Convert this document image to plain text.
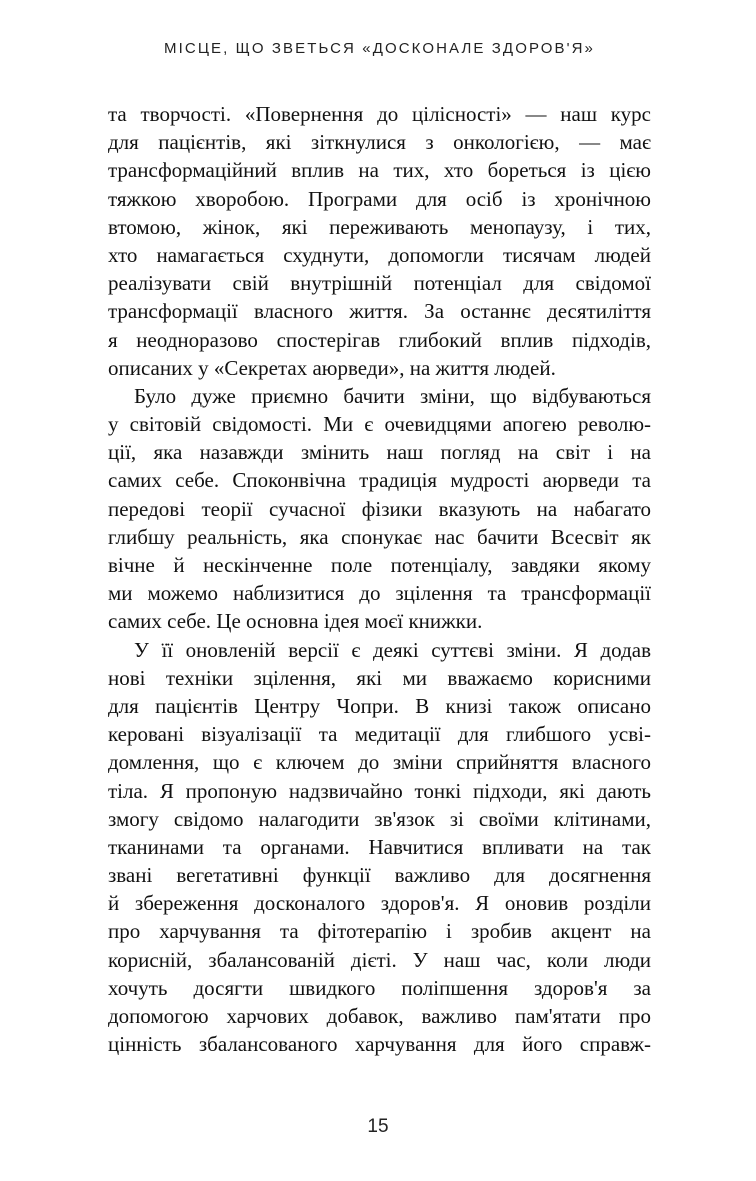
МІСЦЕ, ЩО ЗВЕТЬСЯ «ДОСКОНАЛЕ ЗДОРОВ'Я»
та творчості. «Повернення до цілісності» — наш курс
для пацієнтів, які зіткнулися з онкологією, — має
трансформаційний вплив на тих, хто бореться із цією
тяжкою хворобою. Програми для осіб із хронічною
втомою, жінок, які переживають менопаузу, і тих,
хто намагається схуднути, допомогли тисячам людей
реалізувати свій внутрішній потенціал для свідомої
трансформації власного життя. За останнє десятиліття
я неодноразово спостерігав глибокий вплив підходів,
описаних у «Секретах аюрведи», на життя людей.
Було дуже приємно бачити зміни, що відбуваються
у світовій свідомості. Ми є очевидцями апогею револю-
ції, яка назавжди змінить наш погляд на світ і на
самих себе. Споконвічна традиція мудрості аюрведи та
передові теорії сучасної фізики вказують на набагато
глибшу реальність, яка спонукає нас бачити Всесвіт як
вічне й нескінченне поле потенціалу, завдяки якому
ми можемо наблизитися до зцілення та трансформації
самих себе. Це основна ідея моєї книжки.
У її оновленій версії є деякі суттєві зміни. Я додав
нові техніки зцілення, які ми вважаємо корисними
для пацієнтів Центру Чопри. В книзі також описано
керовані візуалізації та медитації для глибшого усві-
домлення, що є ключем до зміни сприйняття власного
тіла. Я пропоную надзвичайно тонкі підходи, які дають
змогу свідомо налагодити зв'язок зі своїми клітинами,
тканинами та органами. Навчитися впливати на так
звані вегетативні функції важливо для досягнення
й збереження досконалого здоров'я. Я оновив розділи
про харчування та фітотерапію і зробив акцент на
корисній, збалансованій дієті. У наш час, коли люди
хочуть досягти швидкого поліпшення здоров'я за
допомогою харчових добавок, важливо пам'ятати про
цінність збалансованого харчування для його справж-
15
